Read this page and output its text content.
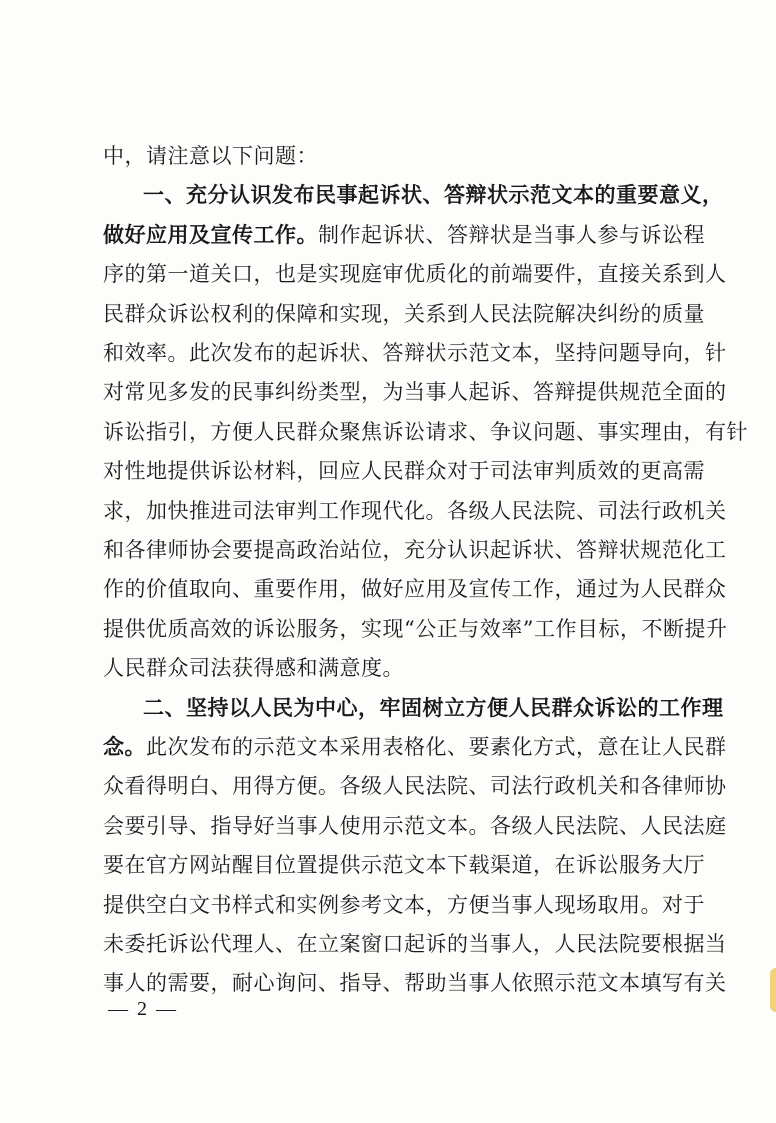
中，请注意以下问题：
一、充分认识发布民事起诉状、答辩状示范文本的重要意义，
做好应用及宣传工作。制作起诉状、答辩状是当事人参与诉讼程
序的第一道关口，也是实现庭审优质化的前端要件，直接关系到人
民群众诉讼权利的保障和实现，关系到人民法院解决纠纷的质量
和效率。此次发布的起诉状、答辩状示范文本，坚持问题导向，针
对常见多发的民事纠纷类型，为当事人起诉、答辩提供规范全面的
诉讼指引，方便人民群众聚焦诉讼请求、争议问题、事实理由，有针
对性地提供诉讼材料，回应人民群众对于司法审判质效的更高需
求，加快推进司法审判工作现代化。各级人民法院、司法行政机关
和各律师协会要提高政治站位，充分认识起诉状、答辩状规范化工
作的价值取向、重要作用，做好应用及宣传工作，通过为人民群众
提供优质高效的诉讼服务，实现“公正与效率”工作目标，不断提升
人民群众司法获得感和满意度。
二、坚持以人民为中心，牢固树立方便人民群众诉讼的工作理
念。此次发布的示范文本采用表格化、要素化方式，意在让人民群
众看得明白、用得方便。各级人民法院、司法行政机关和各律师协
会要引导、指导好当事人使用示范文本。各级人民法院、人民法庭
要在官方网站醒目位置提供示范文本下载渠道，在诉讼服务大厅
提供空白文书样式和实例参考文本，方便当事人现场取用。对于
未委托诉讼代理人、在立案窗口起诉的当事人，人民法院要根据当
事人的需要，耐心询问、指导、帮助当事人依照示范文本填写有关
— 2 —
